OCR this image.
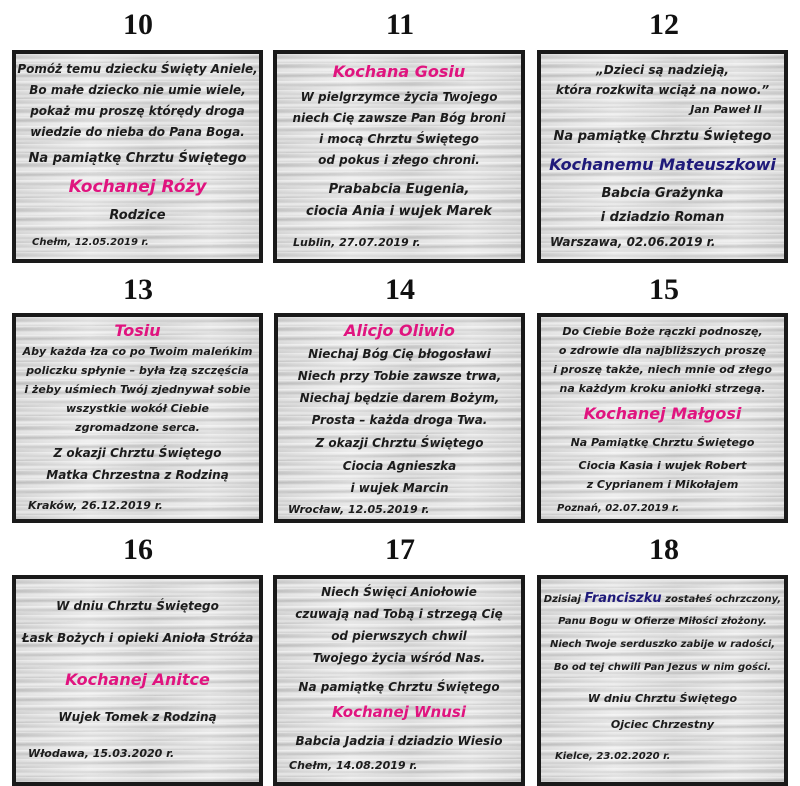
10
Pomóż temu dziecku Święty Aniele,
Bo małe dziecko nie umie wiele,
pokaż mu proszę którędy droga
wiedzie do nieba do Pana Boga.
Na pamiątkę Chrztu Świętego
Kochanej Róży
Rodzice
Chełm, 12.05.2019 r.
11
Kochana Gosiu
W pielgrzymce życia Twojego
niech Cię zawsze Pan Bóg broni
i mocą Chrztu Świętego
od pokus i złego chroni.
Prababcia Eugenia,
ciocia Ania i wujek Marek
Lublin, 27.07.2019 r.
12
„Dzieci są nadzieją,
która rozkwita wciąż na nowo.”
Jan Paweł II
Na pamiątkę Chrztu Świętego
Kochanemu Mateuszkowi
Babcia Grażynka
i dziadzio Roman
Warszawa, 02.06.2019 r.
13
Tosiu
Aby każda łza co po Twoim maleńkim
policzku spłynie – była łzą szczęścia
i żeby uśmiech Twój zjednywał sobie
wszystkie wokół Ciebie
zgromadzone serca.
Z okazji Chrztu Świętego
Matka Chrzestna z Rodziną
Kraków, 26.12.2019 r.
14
Alicjo Oliwio
Niechaj Bóg Cię błogosławi
Niech przy Tobie zawsze trwa,
Niechaj będzie darem Bożym,
Prosta – każda droga Twa.
Z okazji Chrztu Świętego
Ciocia Agnieszka
i wujek Marcin
Wrocław, 12.05.2019 r.
15
Do Ciebie Boże rączki podnoszę,
o zdrowie dla najbliższych proszę
i proszę także, niech mnie od złego
na każdym kroku aniołki strzegą.
Kochanej Małgosi
Na Pamiątkę Chrztu Świętego
Ciocia Kasia i wujek Robert
z Cyprianem i Mikołajem
Poznań, 02.07.2019 r.
16
W dniu Chrztu Świętego
Łask Bożych i opieki Anioła Stróża
Kochanej Anitce
Wujek Tomek z Rodziną
Włodawa, 15.03.2020 r.
17
Niech Święci Aniołowie
czuwają nad Tobą i strzegą Cię
od pierwszych chwil
Twojego życia wśród Nas.
Na pamiątkę Chrztu Świętego
Kochanej Wnusi
Babcia Jadzia i dziadzio Wiesio
Chełm, 14.08.2019 r.
18
Dzisiaj Franciszku zostałeś ochrzczony,
Panu Bogu w Ofierze Miłości złożony.
Niech Twoje serduszko zabije w radości,
Bo od tej chwili Pan Jezus w nim gości.
W dniu Chrztu Świętego
Ojciec Chrzestny
Kielce, 23.02.2020 r.
